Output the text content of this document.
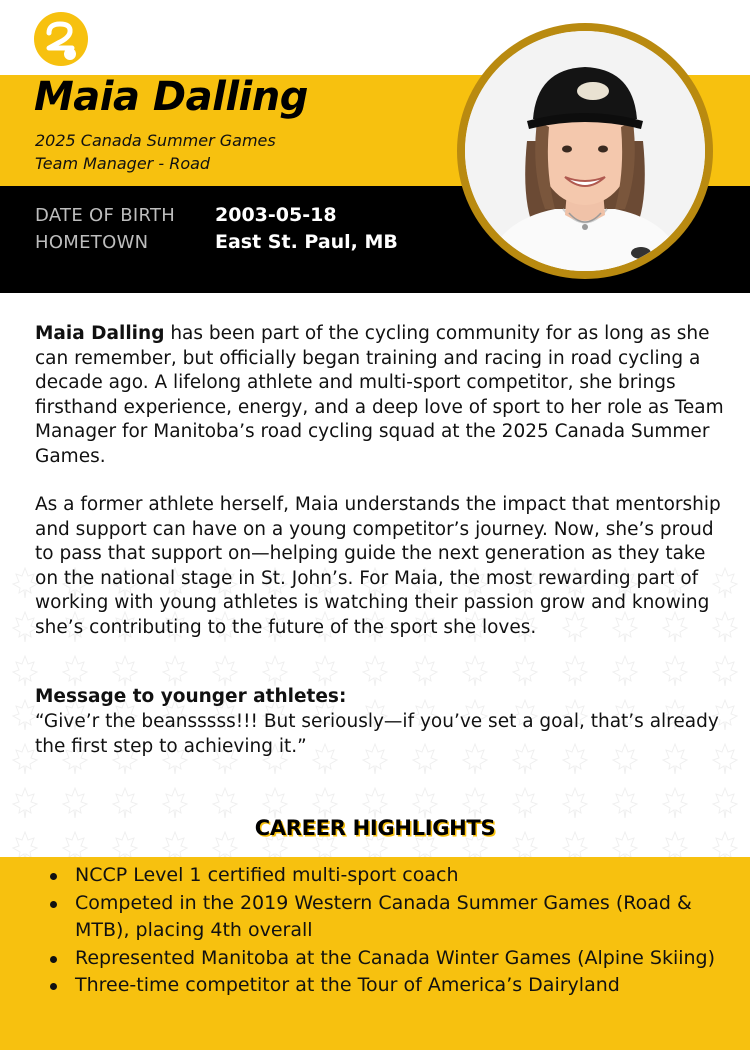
Maia Dalling
2025 Canada Summer Games
Team Manager - Road
DATE OF BIRTH	2003-05-18
HOMETOWN	East St. Paul, MB

Maia Dalling has been part of the cycling community for as long as she can remember, but officially began training and racing in road cycling a decade ago. A lifelong athlete and multi-sport competitor, she brings firsthand experience, energy, and a deep love of sport to her role as Team Manager for Manitoba’s road cycling squad at the 2025 Canada Summer Games.

As a former athlete herself, Maia understands the impact that mentorship and support can have on a young competitor’s journey. Now, she’s proud to pass that support on—helping guide the next generation as they take on the national stage in St. John’s. For Maia, the most rewarding part of working with young athletes is watching their passion grow and knowing she’s contributing to the future of the sport she loves.

Message to younger athletes:
“Give’r the beansssss!!! But seriously—if you’ve set a goal, that’s already the first step to achieving it.”
CAREER HIGHLIGHTS
NCCP Level 1 certified multi-sport coach
Competed in the 2019 Western Canada Summer Games (Road & MTB), placing 4th overall
Represented Manitoba at the Canada Winter Games (Alpine Skiing)
Three-time competitor at the Tour of America’s Dairyland
